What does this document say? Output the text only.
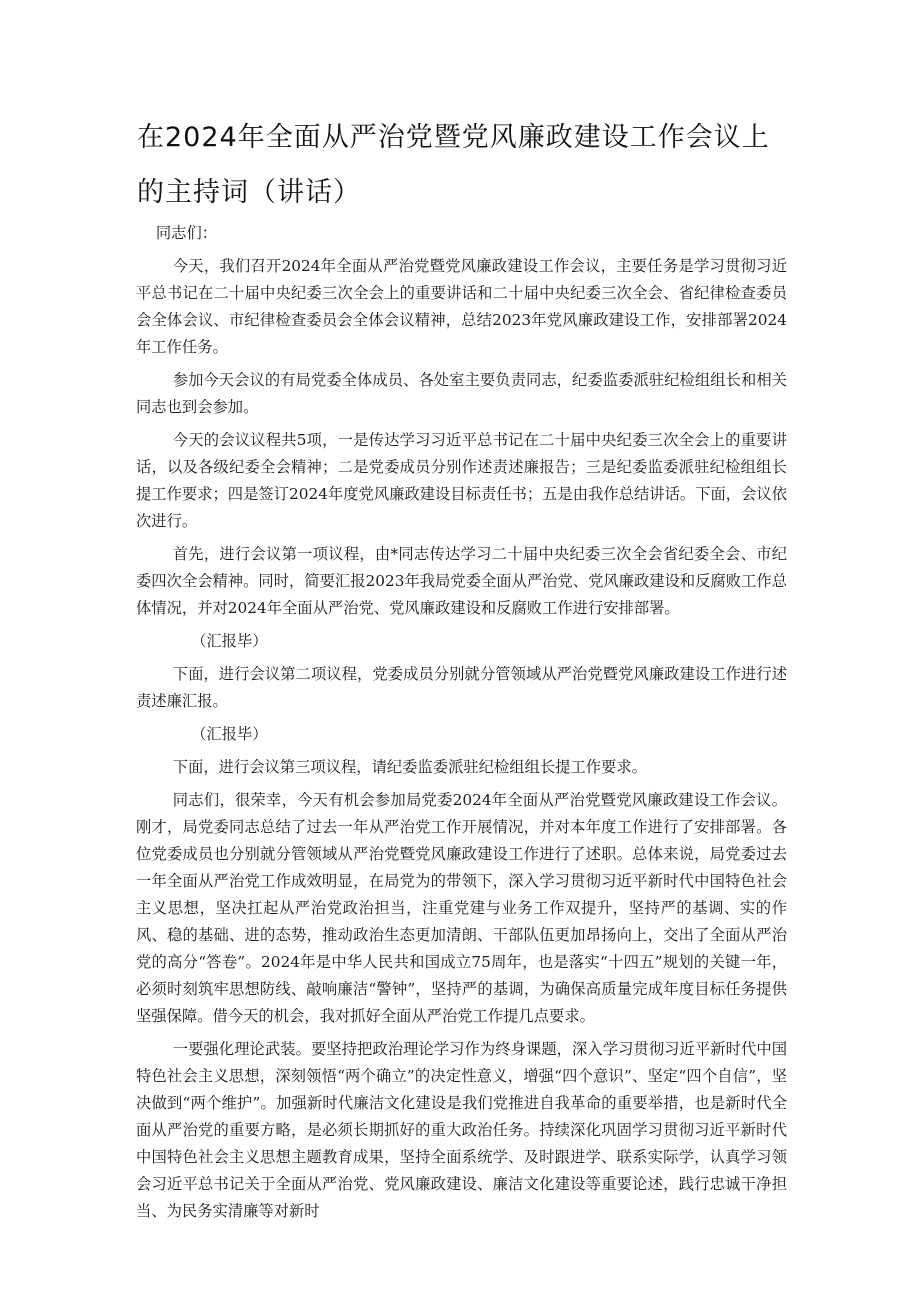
在2024年全面从严治党暨党风廉政建设工作会议上的主持词（讲话）

同志们：

今天，我们召开2024年全面从严治党暨党风廉政建设工作会议，主要任务是学习贯彻习近平总书记在二十届中央纪委三次全会上的重要讲话和二十届中央纪委三次全会、省纪律检查委员会全体会议、市纪律检查委员会全体会议精神，总结2023年党风廉政建设工作，安排部署2024年工作任务。

参加今天会议的有局党委全体成员、各处室主要负责同志，纪委监委派驻纪检组组长和相关同志也到会参加。

今天的会议议程共5项，一是传达学习习近平总书记在二十届中央纪委三次全会上的重要讲话，以及各级纪委全会精神；二是党委成员分别作述责述廉报告；三是纪委监委派驻纪检组组长提工作要求；四是签订2024年度党风廉政建设目标责任书；五是由我作总结讲话。下面，会议依次进行。

首先，进行会议第一项议程，由*同志传达学习二十届中央纪委三次全会省纪委全会、市纪委四次全会精神。同时，简要汇报2023年我局党委全面从严治党、党风廉政建设和反腐败工作总体情况，并对2024年全面从严治党、党风廉政建设和反腐败工作进行安排部署。

（汇报毕）

下面，进行会议第二项议程，党委成员分别就分管领域从严治党暨党风廉政建设工作进行述责述廉汇报。

（汇报毕）

下面，进行会议第三项议程，请纪委监委派驻纪检组组长提工作要求。

同志们，很荣幸，今天有机会参加局党委2024年全面从严治党暨党风廉政建设工作会议。刚才，局党委同志总结了过去一年从严治党工作开展情况，并对本年度工作进行了安排部署。各位党委成员也分别就分管领域从严治党暨党风廉政建设工作进行了述职。总体来说，局党委过去一年全面从严治党工作成效明显，在局党为的带领下，深入学习贯彻习近平新时代中国特色社会主义思想，坚决扛起从严治党政治担当，注重党建与业务工作双提升，坚持严的基调、实的作风、稳的基础、进的态势，推动政治生态更加清朗、干部队伍更加昂扬向上，交出了全面从严治党的高分“答卷”。2024年是中华人民共和国成立75周年，也是落实“十四五”规划的关键一年，必须时刻筑牢思想防线、敲响廉洁“警钟”，坚持严的基调，为确保高质量完成年度目标任务提供坚强保障。借今天的机会，我对抓好全面从严治党工作提几点要求。

一要强化理论武装。要坚持把政治理论学习作为终身课题，深入学习贯彻习近平新时代中国特色社会主义思想，深刻领悟“两个确立”的决定性意义，增强“四个意识”、坚定“四个自信”，坚决做到“两个维护”。加强新时代廉洁文化建设是我们党推进自我革命的重要举措，也是新时代全面从严治党的重要方略，是必须长期抓好的重大政治任务。持续深化巩固学习贯彻习近平新时代中国特色社会主义思想主题教育成果，坚持全面系统学、及时跟进学、联系实际学，认真学习领会习近平总书记关于全面从严治党、党风廉政建设、廉洁文化建设等重要论述，践行忠诚干净担当、为民务实清廉等对新时
